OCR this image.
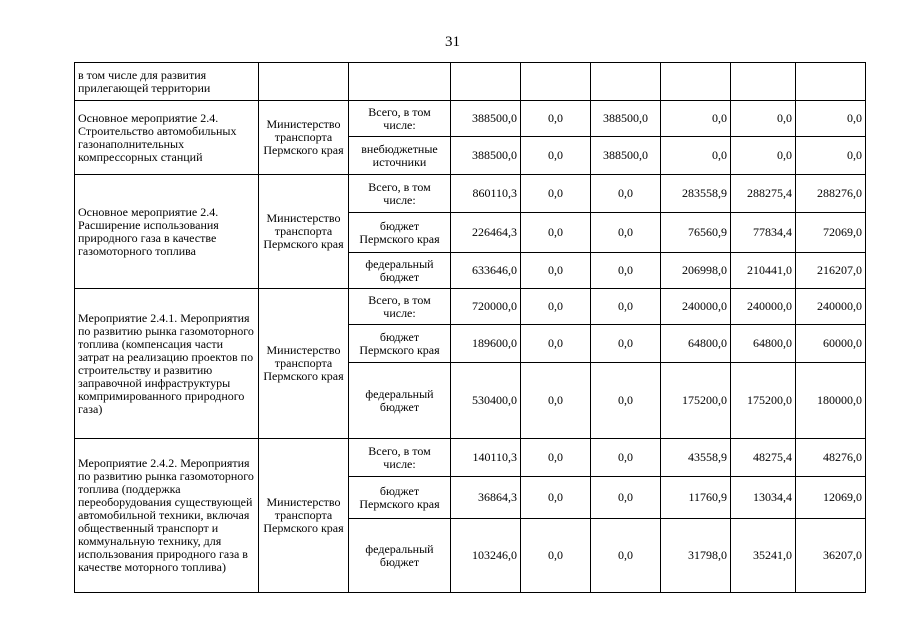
31
в том числе для развития прилегающей территории								
Основное мероприятие 2.4. Строительство автомобильных газонаполнительных компрессорных станций	Министерство транспорта Пермского края	Всего, в том числе:	388500,0	0,0	388500,0	0,0	0,0	0,0
		внебюджетные источники	388500,0	0,0	388500,0	0,0	0,0	0,0
Основное мероприятие 2.4. Расширение использования природного газа в качестве газомоторного топлива	Министерство транспорта Пермского края	Всего, в том числе:	860110,3	0,0	0,0	283558,9	288275,4	288276,0
		бюджет Пермского края	226464,3	0,0	0,0	76560,9	77834,4	72069,0
		федеральный бюджет	633646,0	0,0	0,0	206998,0	210441,0	216207,0
Мероприятие 2.4.1. Мероприятия по развитию рынка газомоторного топлива (компенсация части затрат на реализацию проектов по строительству и развитию заправочной инфраструктуры компримированного природного газа)	Министерство транспорта Пермского края	Всего, в том числе:	720000,0	0,0	0,0	240000,0	240000,0	240000,0
		бюджет Пермского края	189600,0	0,0	0,0	64800,0	64800,0	60000,0
		федеральный бюджет	530400,0	0,0	0,0	175200,0	175200,0	180000,0
Мероприятие 2.4.2. Мероприятия по развитию рынка газомоторного топлива (поддержка переоборудования существующей автомобильной техники, включая общественный транспорт и коммунальную технику, для использования природного газа в качестве моторного топлива)	Министерство транспорта Пермского края	Всего, в том числе:	140110,3	0,0	0,0	43558,9	48275,4	48276,0
		бюджет Пермского края	36864,3	0,0	0,0	11760,9	13034,4	12069,0
		федеральный бюджет	103246,0	0,0	0,0	31798,0	35241,0	36207,0
